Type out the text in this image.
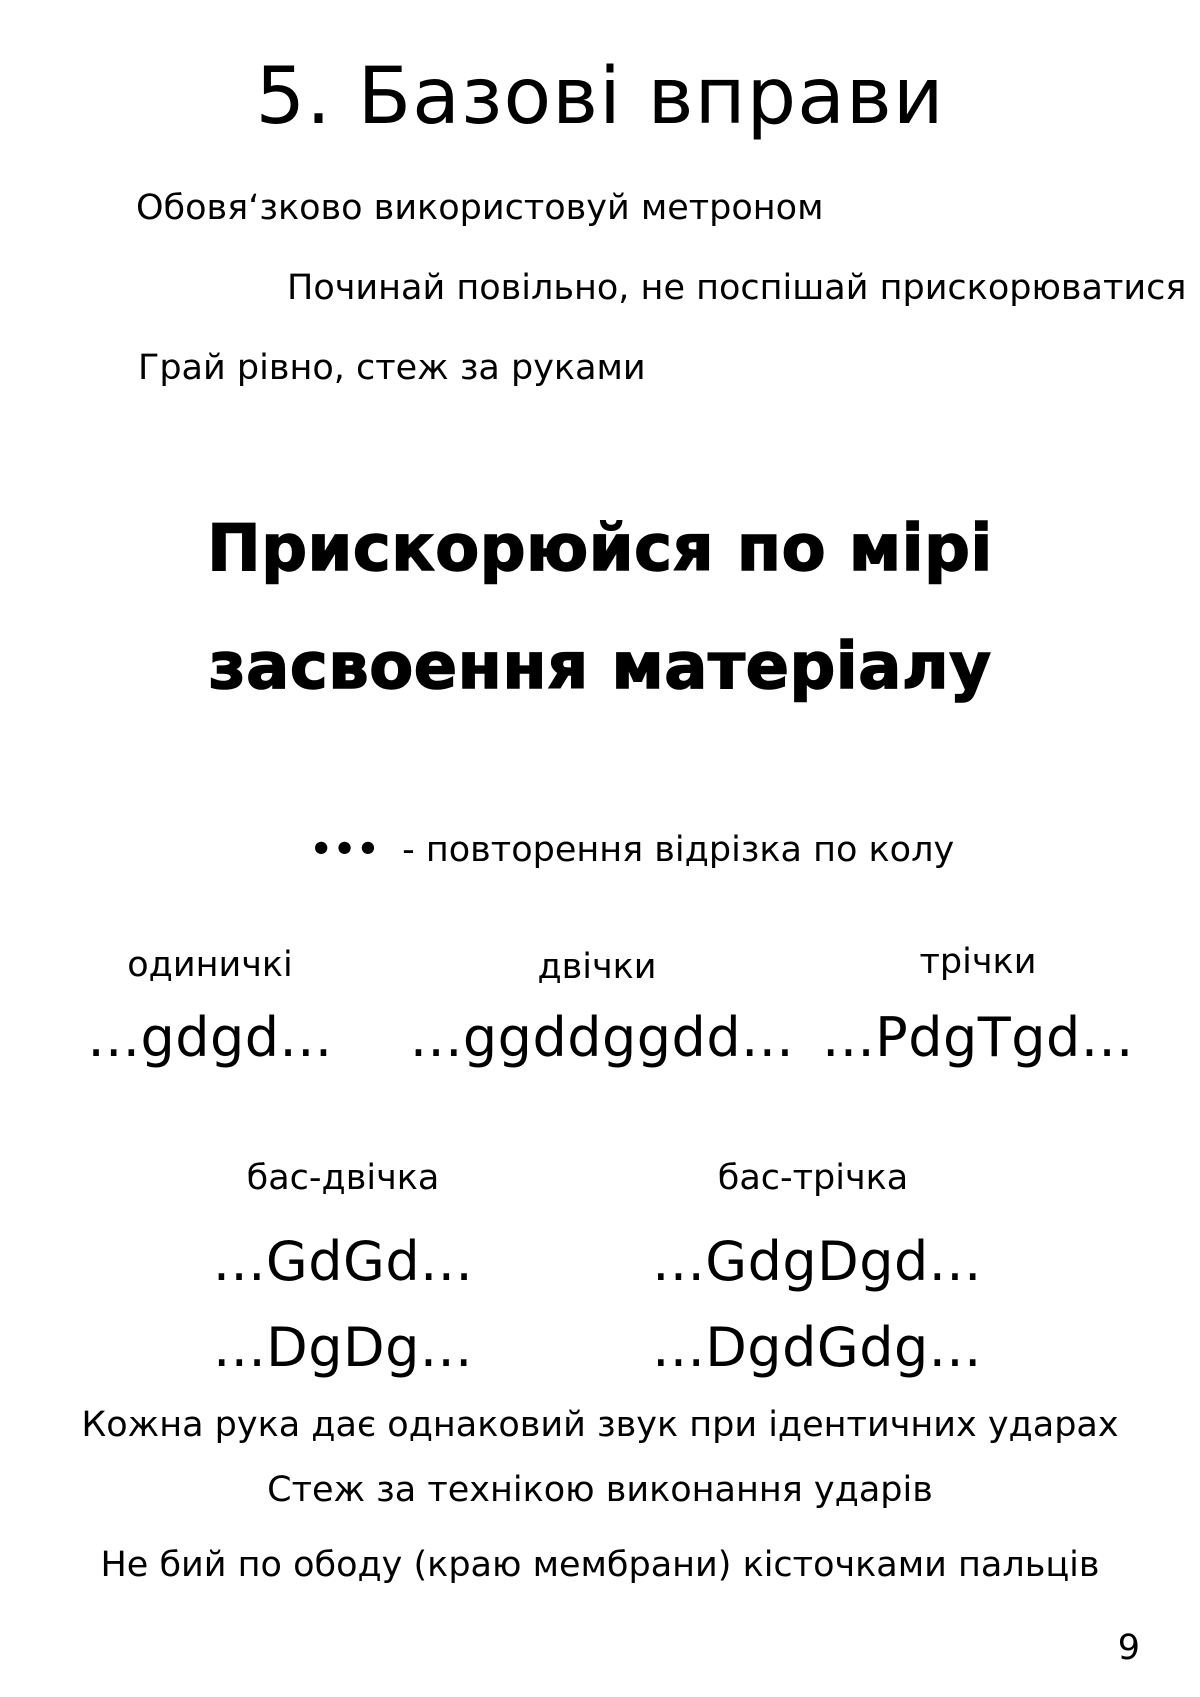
5. Базові вправи
Обовя‘зково використовуй метроном
Починай повільно, не поспішай прискорюватися
Грай рівно, стеж за руками
Прискорюйся по мірі
засвоення матеріалу
••• - повторення відрізка по колу
одиничкі
...gdgd...
двічки
...ggddggdd...
трічки
...PdgTgd...
бас-двічка
...GdGd...
...DgDg...
бас-трічка
...GdgDgd...
...DgdGdg...
Кожна рука дає однаковий звук при ідентичних ударах
Стеж за технікою виконання ударів
Не бий по ободу (краю мембрани) кісточками пальців
9
